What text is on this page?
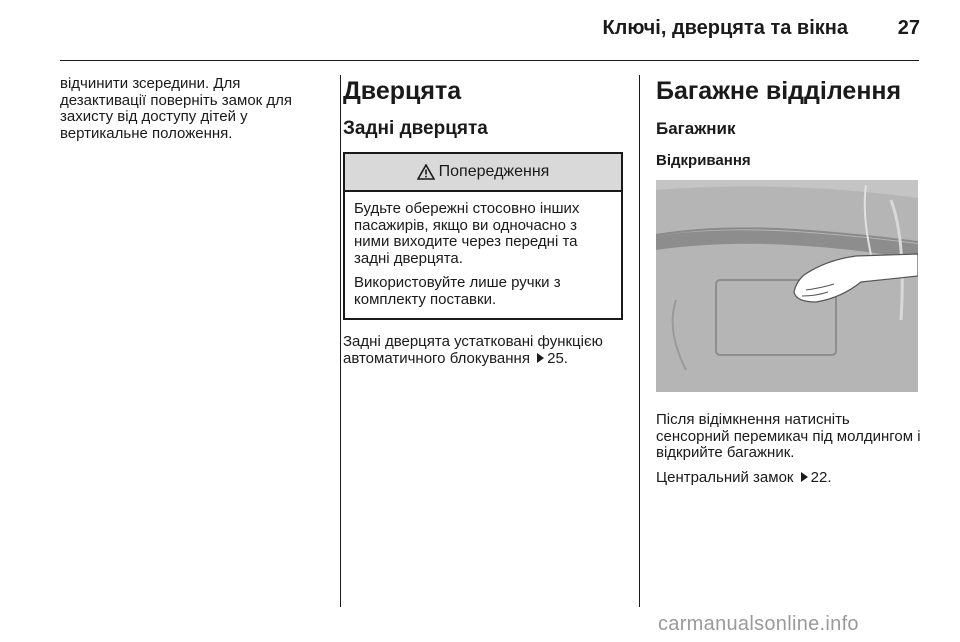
Ключі, дверцята та вікна 27

відчинити зсередини. Для дезактивації поверніть замок для захисту від доступу дітей у вертикальне положення.

Дверцята
Задні дверцята
Попередження

Будьте обережні стосовно інших пасажирів, якщо ви одночасно з ними виходите через передні та задні дверцята.

Використовуйте лише ручки з комплекту поставки.

Задні дверцята устатковані функцією автоматичного блокування 25.

Багажне відділення
Багажник
Відкривання

Після відімкнення натисніть сенсорний перемикач під молдингом і відкрийте багажник.

Центральний замок 22.

carmanualsonline.info
